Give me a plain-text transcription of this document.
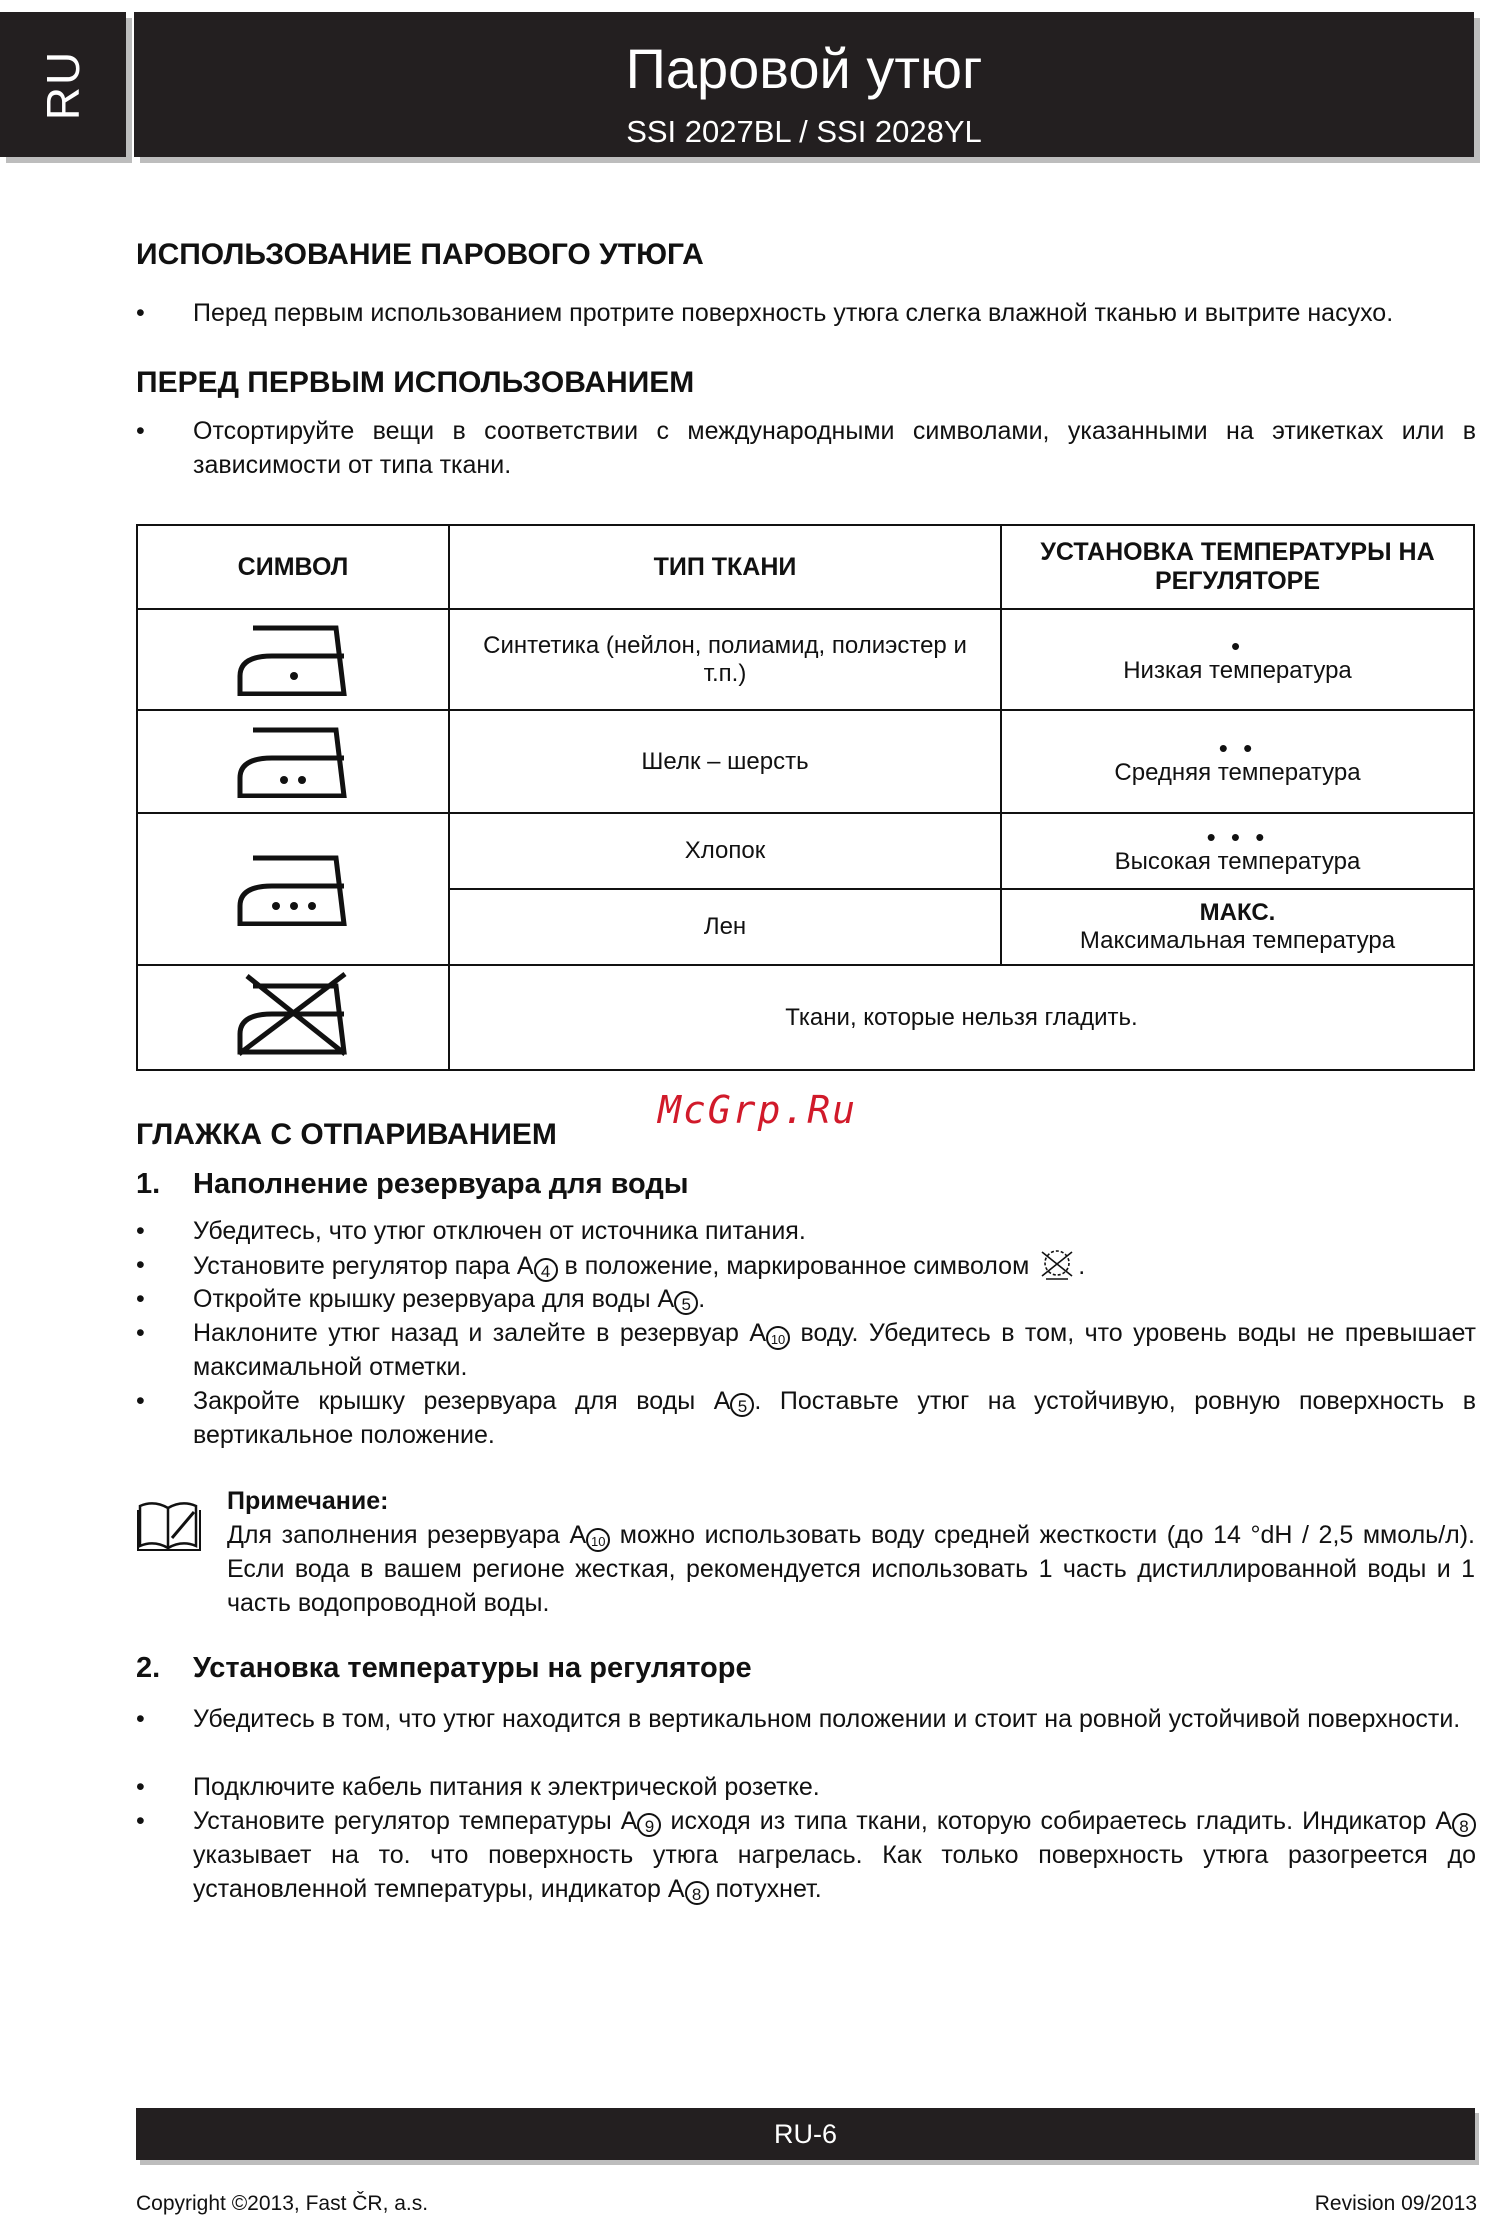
RU	Паровой утюг
SSI 2027BL / SSI 2028YL
ИСПОЛЬЗОВАНИЕ ПАРОВОГО УТЮГА
• Перед первым использованием протрите поверхность утюга слегка влажной тканью и вытрите насухо.
ПЕРЕД ПЕРВЫМ ИСПОЛЬЗОВАНИЕМ
• Отсортируйте вещи в соответствии с международными символами, указанными на этикетках или в зависимости от типа ткани.
СИМВОЛ	ТИП ТКАНИ	УСТАНОВКА ТЕМПЕРАТУРЫ НА РЕГУЛЯТОРЕ
	Синтетика (нейлон, полиамид, полиэстер и т.п.)	•
Низкая температура
	Шелк – шерсть	• •
Средняя температура
	Хлопок	• • •
Высокая температура
	Лен	МАКС.
Максимальная температура
	Ткани, которые нельзя гладить.	
McGrp.Ru
ГЛАЖКА С ОТПАРИВАНИЕМ
1. Наполнение резервуара для воды
• Убедитесь, что утюг отключен от источника питания.
• Установите регулятор пара A 4 в положение, маркированное символом .
• Откройте крышку резервуара для воды A 5 .
• Наклоните утюг назад и залейте в резервуар A 10 воду. Убедитесь в том, что уровень воды не превышает максимальной отметки.
• Закройте крышку резервуара для воды A 5 . Поставьте утюг на устойчивую, ровную поверхность в вертикальное положение.
Примечание:
Для заполнения резервуара A 10 можно использовать воду средней жесткости (до 14 °dH / 2,5 ммоль/л). Если вода в вашем регионе жесткая, рекомендуется использовать 1 часть дистиллированной воды и 1 часть водопроводной воды.
2. Установка температуры на регуляторе
• Убедитесь в том, что утюг находится в вертикальном положении и стоит на ровной устойчивой поверхности.
• Подключите кабель питания к электрической розетке.
• Установите регулятор температуры A 9 исходя из типа ткани, которую собираетесь гладить. Индикатор A 8 указывает на то. что поверхность утюга нагрелась. Как только поверхность утюга разогреется до установленной температуры, индикатор A 8 потухнет.
RU-6
Copyright ©2013, Fast ČR, a.s.	Revision 09/2013
